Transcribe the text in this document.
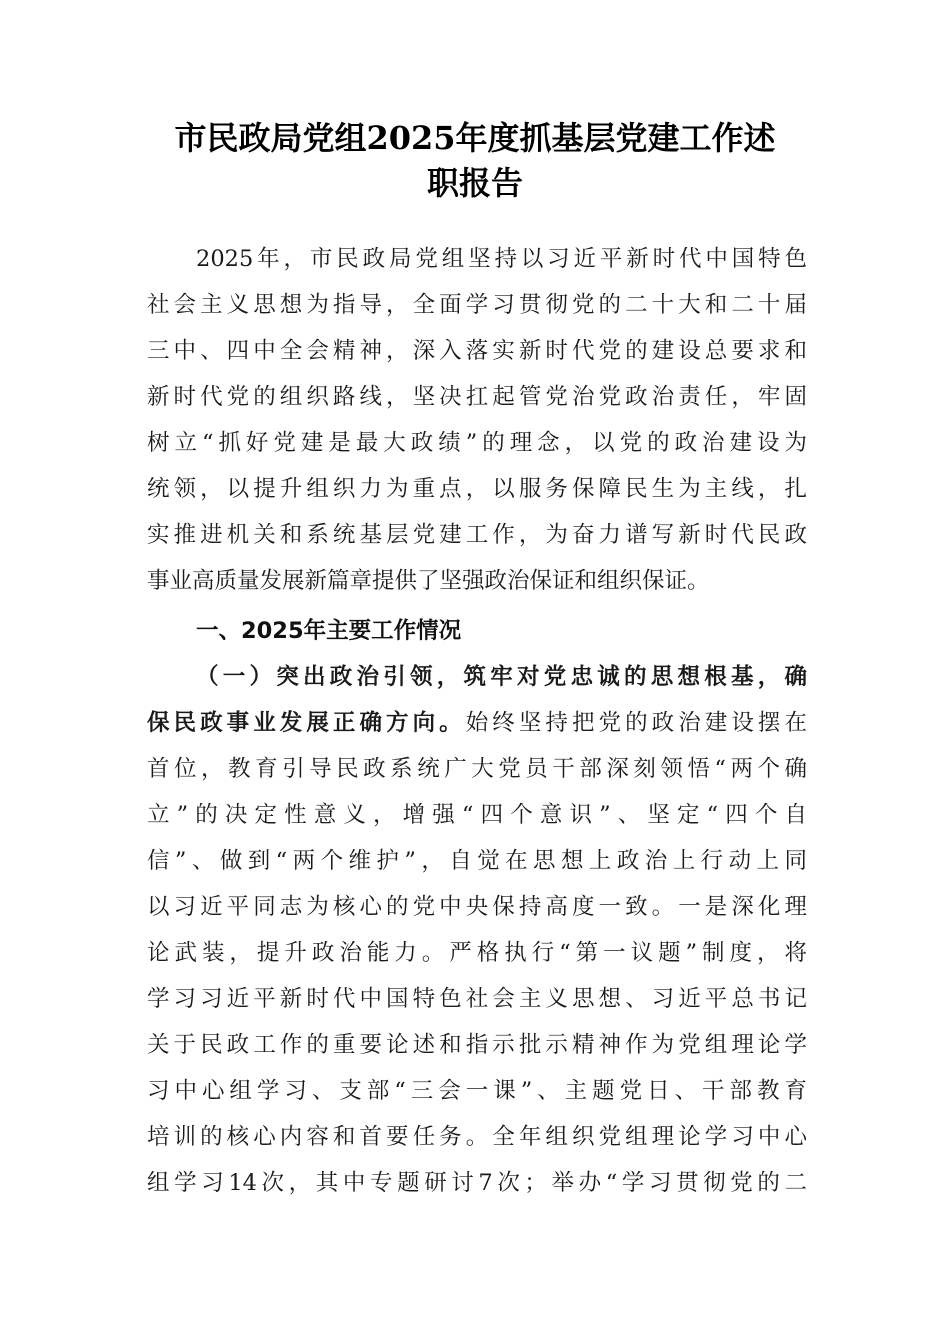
市民政局党组2025年度抓基层党建工作述
职报告
2025年，市民政局党组坚持以习近平新时代中国特色
社会主义思想为指导，全面学习贯彻党的二十大和二十届
三中、四中全会精神，深入落实新时代党的建设总要求和
新时代党的组织路线，坚决扛起管党治党政治责任，牢固
树立“抓好党建是最大政绩”的理念，以党的政治建设为
统领，以提升组织力为重点，以服务保障民生为主线，扎
实推进机关和系统基层党建工作，为奋力谱写新时代民政
事业高质量发展新篇章提供了坚强政治保证和组织保证。
一、2025年主要工作情况
（一）突出政治引领，筑牢对党忠诚的思想根基，确
保民政事业发展正确方向。始终坚持把党的政治建设摆在
首位，教育引导民政系统广大党员干部深刻领悟“两个确
立”的决定性意义，增强“四个意识”、坚定“四个自
信”、做到“两个维护”，自觉在思想上政治上行动上同
以习近平同志为核心的党中央保持高度一致。一是深化理
论武装，提升政治能力。严格执行“第一议题”制度，将
学习习近平新时代中国特色社会主义思想、习近平总书记
关于民政工作的重要论述和指示批示精神作为党组理论学
习中心组学习、支部“三会一课”、主题党日、干部教育
培训的核心内容和首要任务。全年组织党组理论学习中心
组学习14次，其中专题研讨7次；举办“学习贯彻党的二
